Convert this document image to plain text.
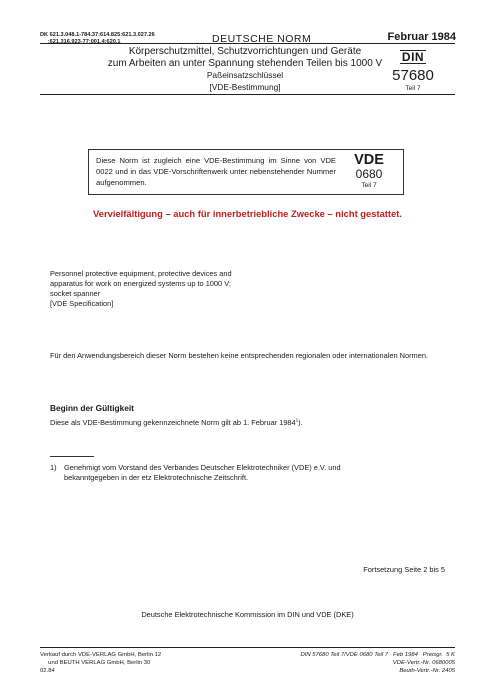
DK 621.3.048.1-784.37:614.825:621.3.027.26
:621.316.923-77:001.4:620.1	DEUTSCHE NORM	Februar 1984
Körperschutzmittel, Schutzvorrichtungen und Geräte
zum Arbeiten an unter Spannung stehenden Teilen bis 1000 V
Paßeinsatzschlüssel
[VDE-Bestimmung]
DIN
57680
Teil 7
Diese Norm ist zugleich eine VDE-Bestimmung im Sinne von VDE 0022 und in das VDE-Vorschriftenwerk unter nebenstehender Nummer aufgenommen.
VDE
0680
Teil 7
Vervielfältigung – auch für innerbetriebliche Zwecke – nicht gestattet.
Personnel protective equipment, protective devices and
apparatus for work on energized systems up to 1000 V;
socket spanner
[VDE Specification]
Für den Anwendungsbereich dieser Norm bestehen keine entsprechenden regionalen oder internationalen Normen.
Beginn der Gültigkeit
Diese als VDE-Bestimmung gekennzeichnete Norm gilt ab 1. Februar 1984$^1$).
1)	Genehmigt vom Vorstand des Verbandes Deutscher Elektrotechniker (VDE) e.V. und bekanntgegeben in der etz Elektrotechnische Zeitschrift.
Fortsetzung Seite 2 bis 5
Deutsche Elektrotechnische Kommission im DIN und VDE (DKE)
Verkauf durch VDE-VERLAG GmbH, Berlin 12
und BEUTH VERLAG GmbH, Berlin 30
02.84
DIN 57680 Teil 7/VDE 0680 Teil 7   Feb 1984   Preisgr.  5 K
VDE-Vertr.-Nr. 0680005
Beuth-Vertr.-Nr. 2405
